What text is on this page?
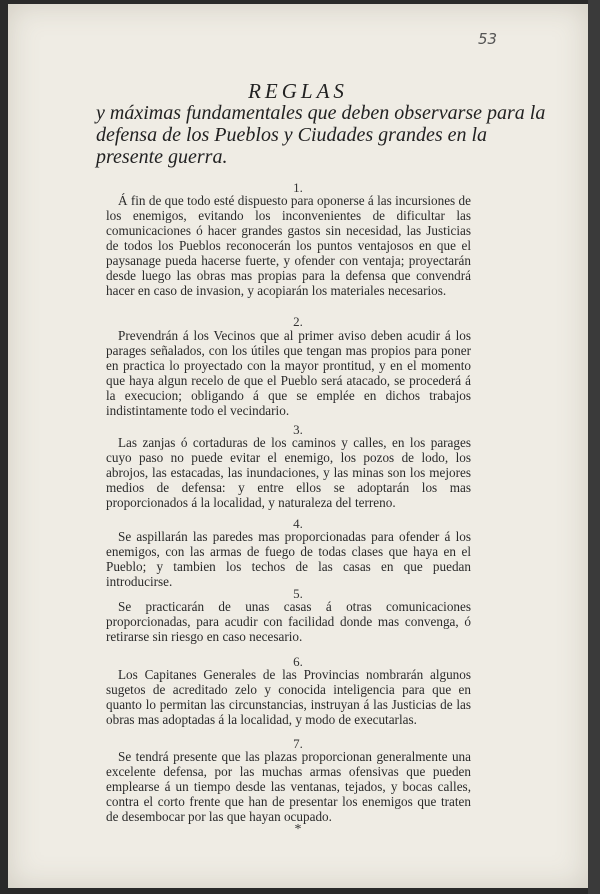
53
REGLAS

y máximas fundamentales que deben observarse para la defensa de los Pueblos y Ciudades grandes en la presente guerra.

1.

Á fin de que todo esté dispuesto para oponerse á las incursiones de los enemigos, evitando los inconvenientes de dificultar las comunicaciones ó hacer grandes gastos sin necesidad, las Justicias de todos los Pueblos reconocerán los puntos ventajosos en que el paysanage pueda hacerse fuerte, y ofender con ventaja; proyectarán desde luego las obras mas propias para la defensa que convendrá hacer en caso de invasion, y acopiarán los materiales necesarios.

2.

Prevendrán á los Vecinos que al primer aviso deben acudir á los parages señalados, con los útiles que tengan mas propios para poner en practica lo proyectado con la mayor prontitud, y en el momento que haya algun recelo de que el Pueblo será atacado, se procederá á la execucion; obligando á que se emplée en dichos trabajos indistintamente todo el vecindario.

3.

Las zanjas ó cortaduras de los caminos y calles, en los parages cuyo paso no puede evitar el enemigo, los pozos de lodo, los abrojos, las estacadas, las inundaciones, y las minas son los mejores medios de defensa: y entre ellos se adoptarán los mas proporcionados á la localidad, y naturaleza del terreno.

4.

Se aspillarán las paredes mas proporcionadas para ofender á los enemigos, con las armas de fuego de todas clases que haya en el Pueblo; y tambien los techos de las casas en que puedan introducirse.

5.

Se practicarán de unas casas á otras comunicaciones proporcionadas, para acudir con facilidad donde mas convenga, ó retirarse sin riesgo en caso necesario.

6.

Los Capitanes Generales de las Provincias nombrarán algunos sugetos de acreditado zelo y conocida inteligencia para que en quanto lo permitan las circunstancias, instruyan á las Justicias de las obras mas adoptadas á la localidad, y modo de executarlas.

7.

Se tendrá presente que las plazas proporcionan generalmente una excelente defensa, por las muchas armas ofensivas que pueden emplearse á un tiempo desde las ventanas, tejados, y bocas calles, contra el corto frente que han de presentar los enemigos que traten de desembocar por las que hayan ocupado.

*
